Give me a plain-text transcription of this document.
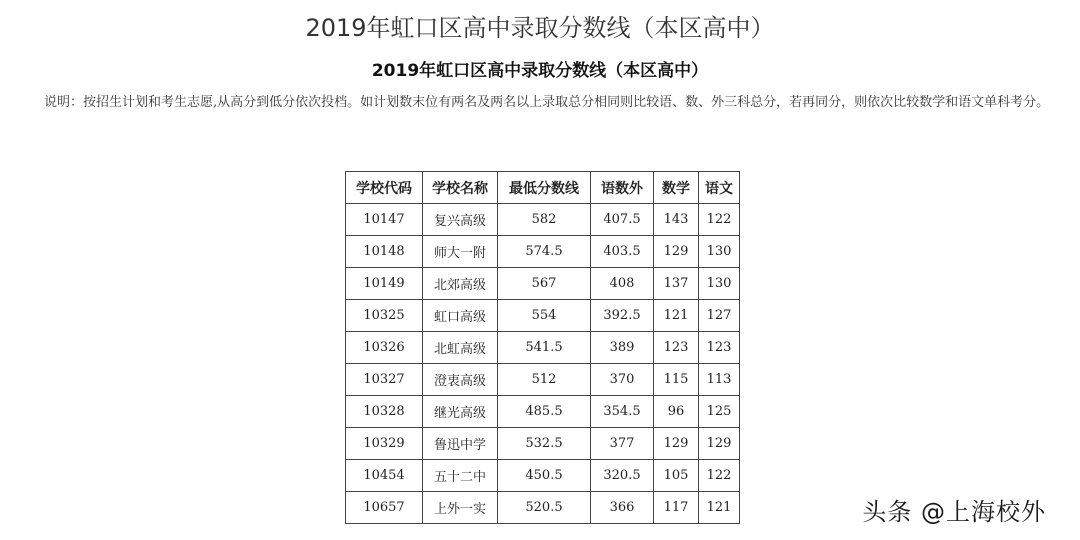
2019年虹口区高中录取分数线（本区高中）
2019年虹口区高中录取分数线（本区高中）
说明：按招生计划和考生志愿,从高分到低分依次投档。如计划数末位有两名及两名以上录取总分相同则比较语、数、外三科总分，若再同分，则依次比较数学和语文单科考分。
学校代码	学校名称	最低分数线	语数外	数学	语文
10147	复兴高级	582	407.5	143	122
10148	师大一附	574.5	403.5	129	130
10149	北郊高级	567	408	137	130
10325	虹口高级	554	392.5	121	127
10326	北虹高级	541.5	389	123	123
10327	澄衷高级	512	370	115	113
10328	继光高级	485.5	354.5	96	125
10329	鲁迅中学	532.5	377	129	129
10454	五十二中	450.5	320.5	105	122
10657	上外一实	520.5	366	117	121	头条 @上海校外
